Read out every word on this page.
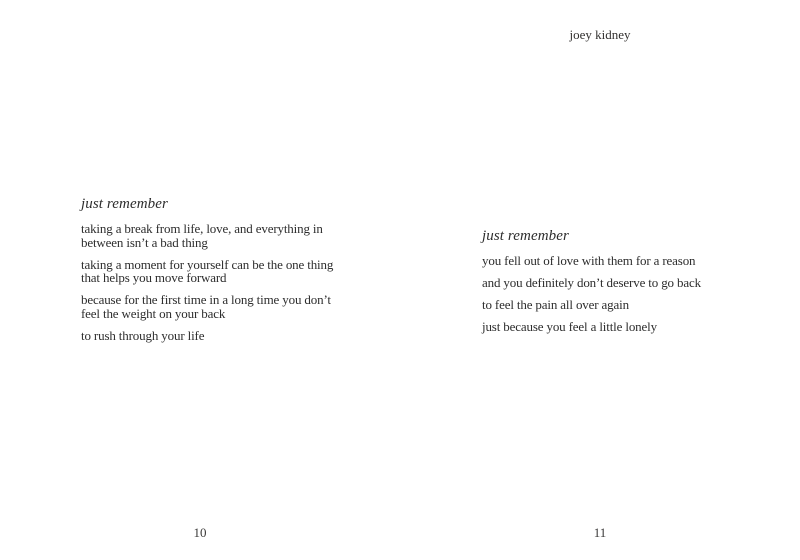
joey kidney
just remember
taking a break from life, love, and everything in
between isn’t a bad thing
taking a moment for yourself can be the one thing
that helps you move forward
because for the first time in a long time you don’t
feel the weight on your back
to rush through your life
just remember
you fell out of love with them for a reason
and you definitely don’t deserve to go back
to feel the pain all over again
just because you feel a little lonely
10	11
